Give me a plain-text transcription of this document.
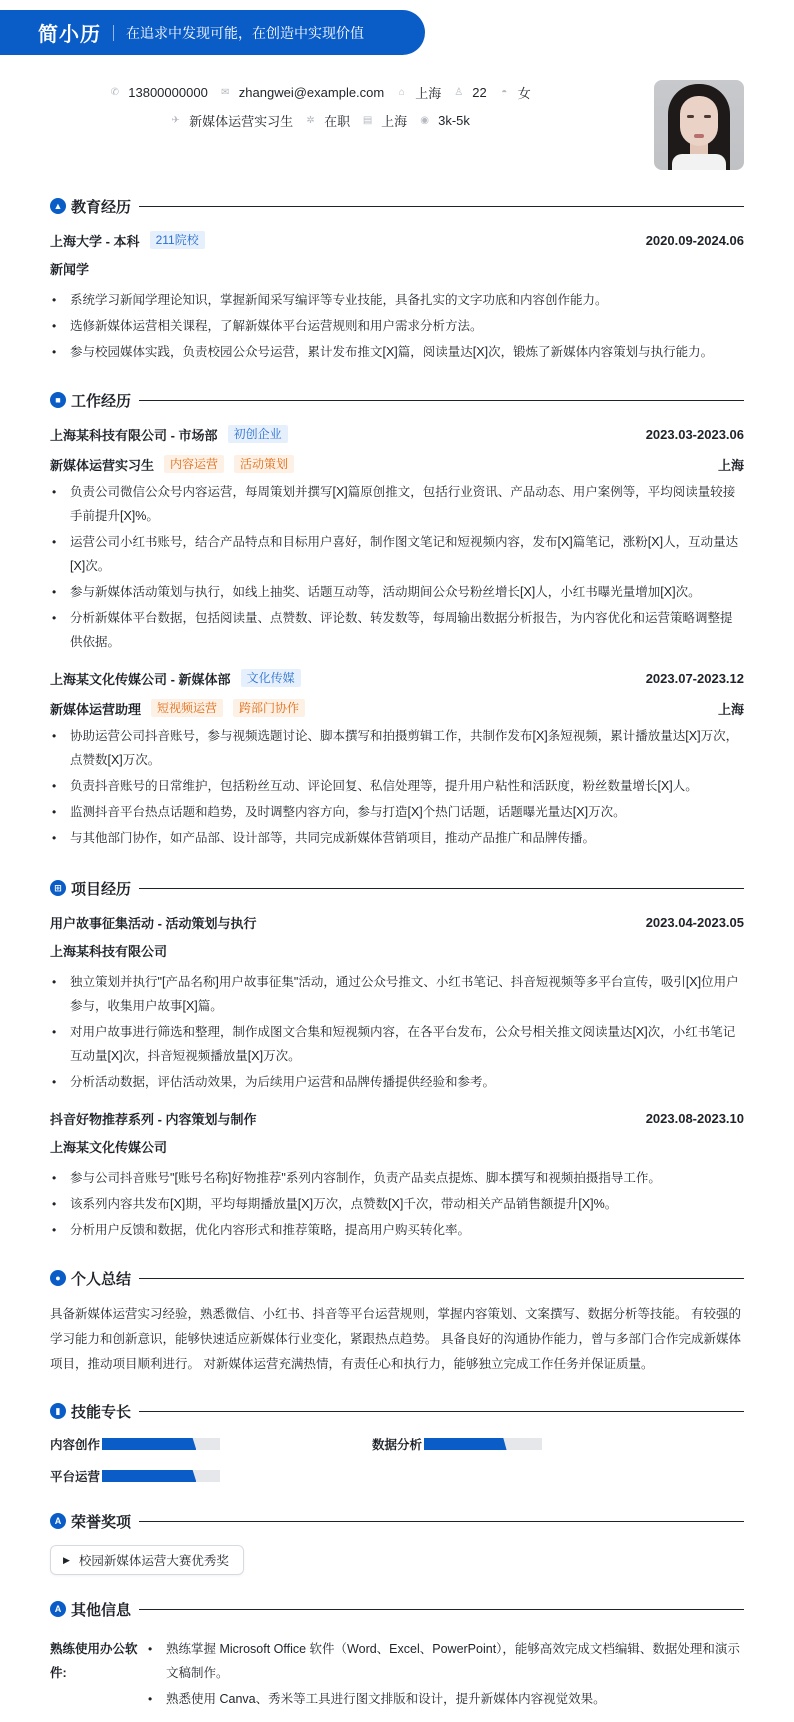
简小历 在追求中发现可能，在创造中实现价值
✆ 13800000000 ✉ zhangwei@example.com ⌂ 上海 ♙ 22 ◓ 女
✈ 新媒体运营实习生 ✲ 在职 ▤ 上海 ◉ 3k-5k
▲ 教育经历
上海大学 - 本科	211院校	2020.09-2024.06
新闻学
• 系统学习新闻学理论知识，掌握新闻采写编评等专业技能，具备扎实的文字功底和内容创作能力。
• 选修新媒体运营相关课程，了解新媒体平台运营规则和用户需求分析方法。
• 参与校园媒体实践，负责校园公众号运营，累计发布推文[X]篇，阅读量达[X]次，锻炼了新媒体内容策划与执行能力。
■ 工作经历
上海某科技有限公司 - 市场部	初创企业	2023.03-2023.06
新媒体运营实习生	内容运营	活动策划	上海
• 负责公司微信公众号内容运营，每周策划并撰写[X]篇原创推文，包括行业资讯、产品动态、用户案例等，平均阅读量较接手前提升[X]%。
• 运营公司小红书账号，结合产品特点和目标用户喜好，制作图文笔记和短视频内容，发布[X]篇笔记，涨粉[X]人，互动量达[X]次。
• 参与新媒体活动策划与执行，如线上抽奖、话题互动等，活动期间公众号粉丝增长[X]人，小红书曝光量增加[X]次。
• 分析新媒体平台数据，包括阅读量、点赞数、评论数、转发数等，每周输出数据分析报告，为内容优化和运营策略调整提供依据。
上海某文化传媒公司 - 新媒体部	文化传媒	2023.07-2023.12
新媒体运营助理	短视频运营	跨部门协作	上海
• 协助运营公司抖音账号，参与视频选题讨论、脚本撰写和拍摄剪辑工作，共制作发布[X]条短视频，累计播放量达[X]万次，点赞数[X]万次。
• 负责抖音账号的日常维护，包括粉丝互动、评论回复、私信处理等，提升用户粘性和活跃度，粉丝数量增长[X]人。
• 监测抖音平台热点话题和趋势，及时调整内容方向，参与打造[X]个热门话题，话题曝光量达[X]万次。
• 与其他部门协作，如产品部、设计部等，共同完成新媒体营销项目，推动产品推广和品牌传播。
⊞ 项目经历
用户故事征集活动 - 活动策划与执行	2023.04-2023.05
上海某科技有限公司
• 独立策划并执行"[产品名称]用户故事征集"活动，通过公众号推文、小红书笔记、抖音短视频等多平台宣传，吸引[X]位用户参与，收集用户故事[X]篇。
• 对用户故事进行筛选和整理，制作成图文合集和短视频内容，在各平台发布，公众号相关推文阅读量达[X]次，小红书笔记互动量[X]次，抖音短视频播放量[X]万次。
• 分析活动数据，评估活动效果，为后续用户运营和品牌传播提供经验和参考。
抖音好物推荐系列 - 内容策划与制作	2023.08-2023.10
上海某文化传媒公司
• 参与公司抖音账号"[账号名称]好物推荐"系列内容制作，负责产品卖点提炼、脚本撰写和视频拍摄指导工作。
• 该系列内容共发布[X]期，平均每期播放量[X]万次，点赞数[X]千次，带动相关产品销售额提升[X]%。
• 分析用户反馈和数据，优化内容形式和推荐策略，提高用户购买转化率。
● 个人总结

具备新媒体运营实习经验，熟悉微信、小红书、抖音等平台运营规则，掌握内容策划、文案撰写、数据分析等技能。 有较强的学习能力和创新意识，能够快速适应新媒体行业变化，紧跟热点趋势。 具备良好的沟通协作能力，曾与多部门合作完成新媒体项目，推动项目顺利进行。 对新媒体运营充满热情，有责任心和执行力，能够独立完成工作任务并保证质量。

▮ 技能专长
内容创作	数据分析
平台运营
A 荣誉奖项
▶ 校园新媒体运营大赛优秀奖
A 其他信息
熟练使用办公软件:
• 熟练掌握 Microsoft Office 软件（Word、Excel、PowerPoint），能够高效完成文档编辑、数据处理和演示文稿制作。
• 熟悉使用 Canva、秀米等工具进行图文排版和设计，提升新媒体内容视觉效果。
